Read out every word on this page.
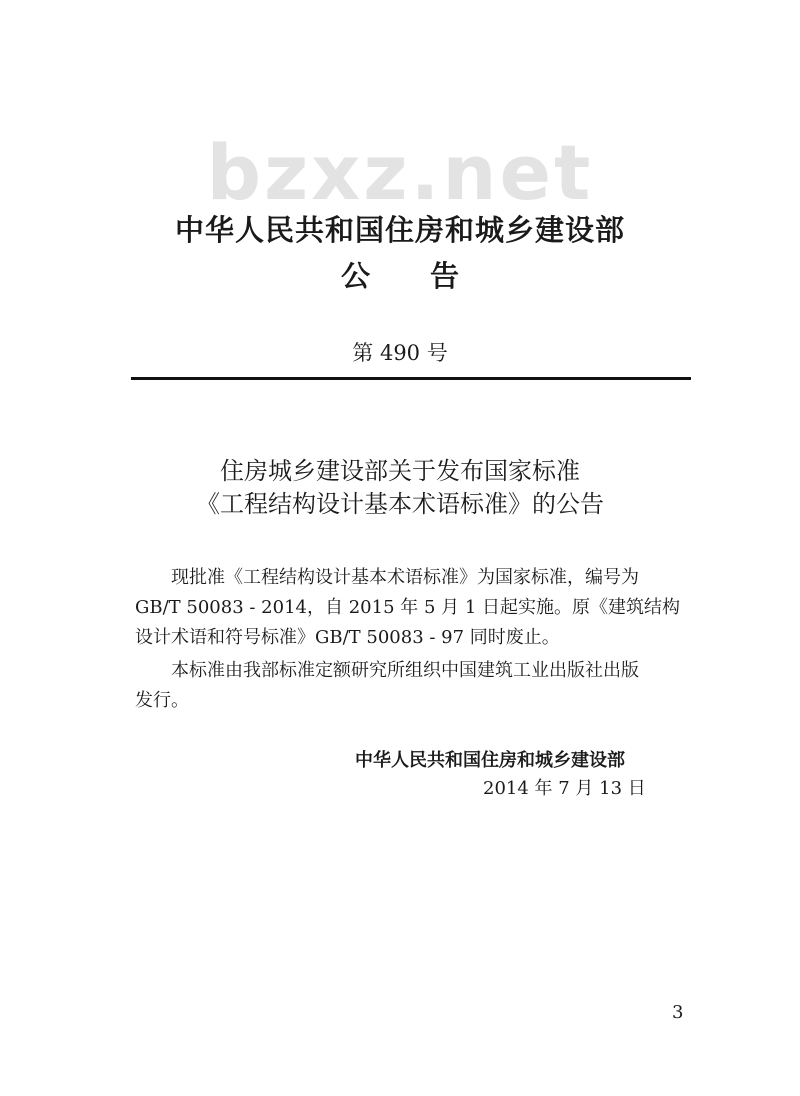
bzxz.net
中华人民共和国住房和城乡建设部
公 告
第 490 号
住房城乡建设部关于发布国家标准
《工程结构设计基本术语标准》的公告
现批准《工程结构设计基本术语标准》为国家标准，编号为
GB/T 50083 - 2014，自 2015 年 5 月 1 日起实施。原《建筑结构
设计术语和符号标准》GB/T 50083 - 97 同时废止。
本标准由我部标准定额研究所组织中国建筑工业出版社出版
发行。
中华人民共和国住房和城乡建设部
2014 年 7 月 13 日
3
